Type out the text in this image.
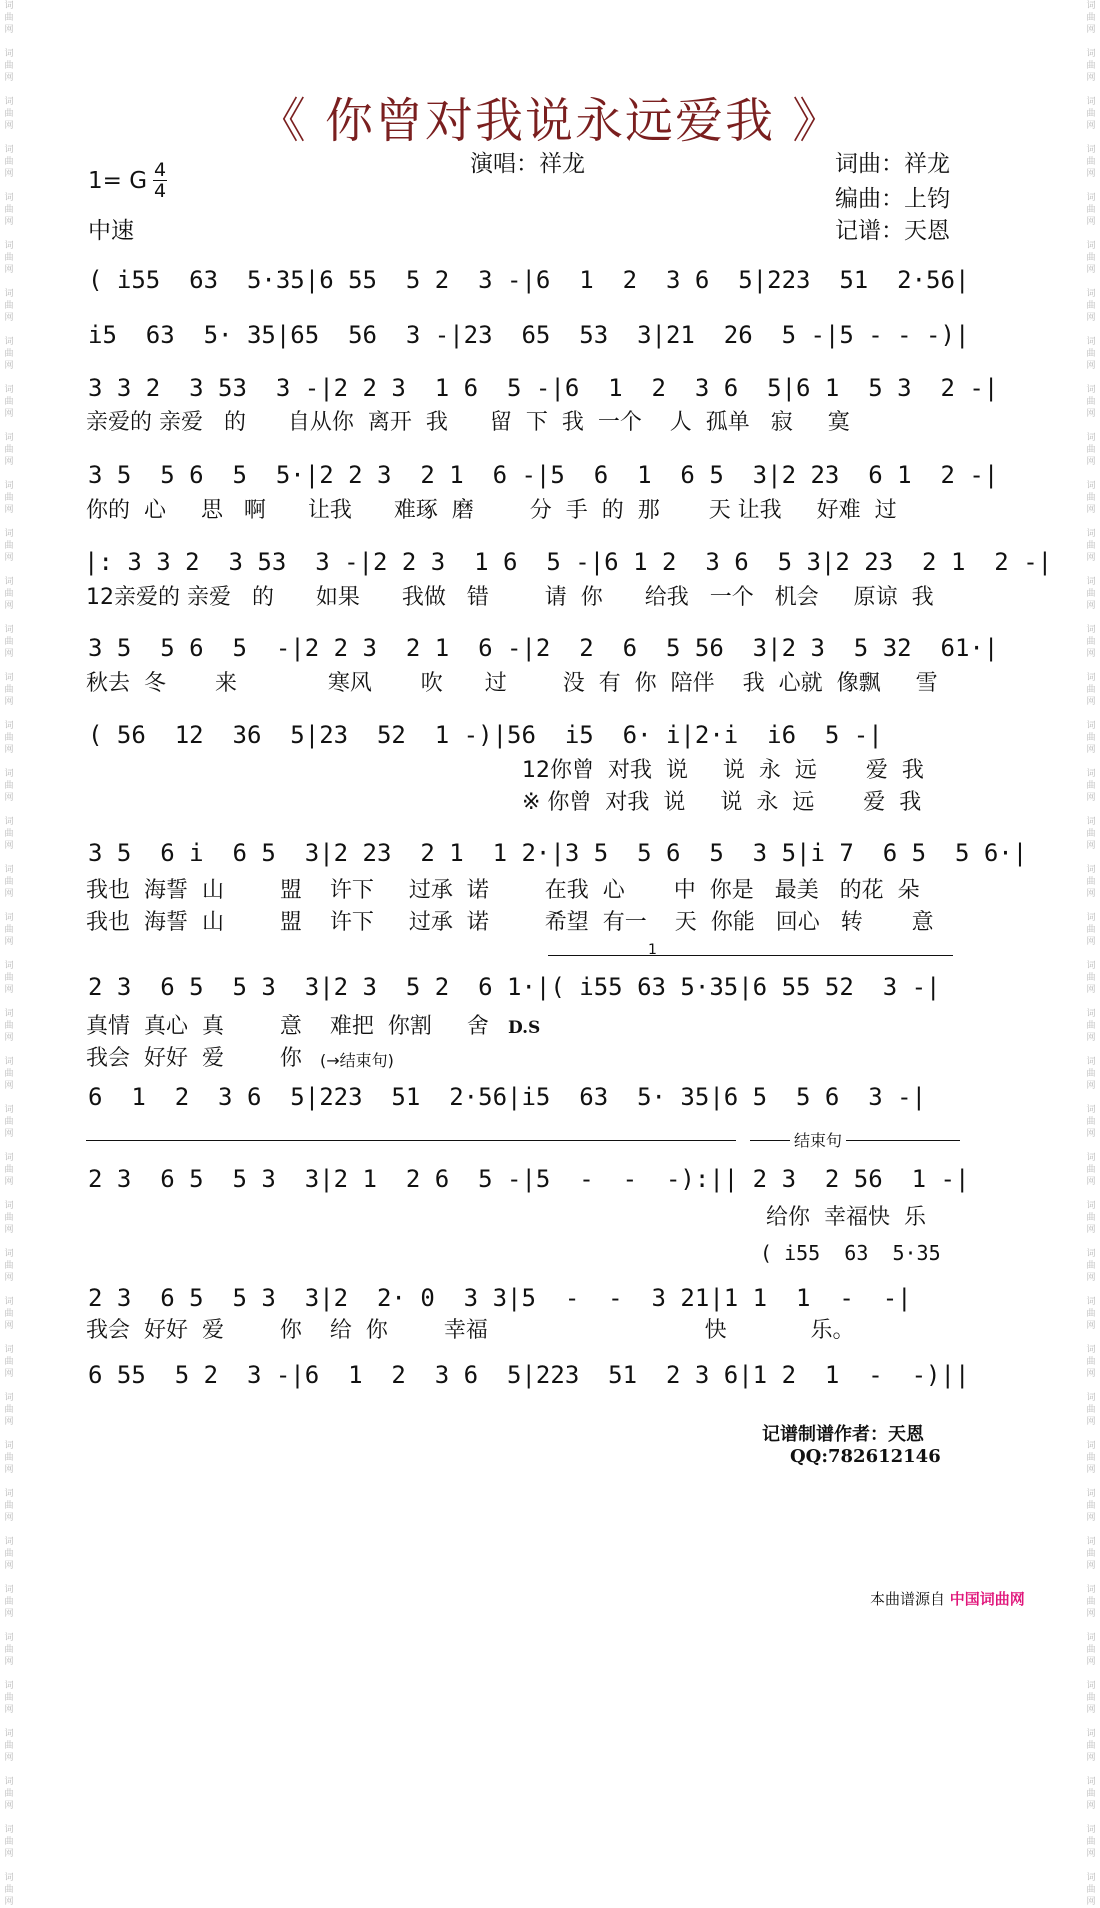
词
曲
网

词
曲
网

词
曲
网

词
曲
网

词
曲
网

词
曲
网

词
曲
网

词
曲
网

词
曲
网

词
曲
网

词
曲
网

词
曲
网

词
曲
网

词
曲
网

词
曲
网

词
曲
网

词
曲
网

词
曲
网

词
曲
网

词
曲
网

词
曲
网

词
曲
网

词
曲
网

词
曲
网

词
曲
网

词
曲
网

词
曲
网

词
曲
网

词
曲
网

词
曲
网

词
曲
网

词
曲
网

词
曲
网

词
曲
网

词
曲
网

词
曲
网

词
曲
网

词
曲
网

词
曲
网

词
曲
网

词
曲
网

词
曲
网

词
曲
网

词
曲
网

词
曲
网

词
曲
网

词
曲
网

词
曲
网

词
曲
网

词
曲
网

词
曲
网

词
曲
网

词
曲
网

词
曲
网

词
曲
网

词
曲
网

词
曲
网

词
曲
网

词
曲
网

词
曲
网

词
曲
网

词
曲
网

词
曲
网

词
曲
网

词
曲
网

词
曲
网

词
曲
网

词
曲
网

词
曲
网

词
曲
网

词
曲
网

词
曲
网

词
曲
网

词
曲
网

词
曲
网

词
曲
网

词
曲
网

词
曲
网

词
曲
网

词
曲
网

《 你曾对我说永远爱我 》
1= G $\frac{4}{4}$	演唱：祥龙	词曲：祥龙
编曲：上钧
记谱：天恩
中速
( i55  63  5·35|6 55  5 2  3 -|6  1  2  3 6  5|223  51  2·56|
i5  63  5· 35|65  56  3 -|23  65  53  3|21  26  5 -|5 - - -)|
3 3 2  3 53  3 -|2 2 3  1 6  5 -|6  1  2  3 6  5|6 1  5 3  2 -|
亲爱的 亲爱   的      自从你  离开  我      留  下  我  一个    人  孤单   寂     寞
3 5  5 6  5  5·|2 2 3  2 1  6 -|5  6  1  6 5  3|2 23  6 1  2 -|
你的  心     思   啊      让我      难琢  磨        分  手  的  那       天 让我     好难  过
|: 3 3 2  3 53  3 -|2 2 3  1 6  5 -|6 1 2  3 6  5 3|2 23  2 1  2 -|
12亲爱的 亲爱   的      如果      我做   错        请  你      给我   一个   机会     原谅  我
3 5  5 6  5  -|2 2 3  2 1  6 -|2  2  6  5 56  3|2 3  5 32  61·|
秋去  冬       来             寒风       吹      过        没  有  你  陪伴    我  心就  像飘     雪
( 56  12  36  5|23  52  1 -)|56  i5  6· i|2·i  i6  5 -|
12你曾  对我  说     说  永  远       爱  我
※ 你曾  对我  说     说  永  远       爱  我
3 5  6 i  6 5  3|2 23  2 1  1 2·|3 5  5 6  5  3 5|i 7  6 5  5 6·|
我也  海誓  山        盟    许下     过承  诺        在我  心       中  你是   最美   的花  朵
我也  海誓  山        盟    许下     过承  诺        希望  有一    天  你能   回心   转       意
1
2 3  6 5  5 3  3|2 3  5 2  6 1·|( i55 63 5·35|6 55 52  3 -|
真情  真心  真        意    难把  你割     舍 D.S
我会  好好  爱        你 (→结束句)
6  1  2  3 6  5|223  51  2·56|i5  63  5· 35|6 5  5 6  3 -|
结束句
2 3  6 5  5 3  3|2 1  2 6  5 -|5  -  -  -):|| 2 3  2 56  1 -|
给你  幸福快  乐
( i55  63  5·35
2 3  6 5  5 3  3|2  2· 0  3 3|5  -  -  3 21|1 1  1  -  -|
我会  好好  爱        你    给  你        幸福                               快            乐。
6 55  5 2  3 -|6  1  2  3 6  5|223  51  2 3 6|1 2  1  -  -)||
记谱制谱作者：天恩
QQ:782612146
本曲谱源自 中国词曲网
